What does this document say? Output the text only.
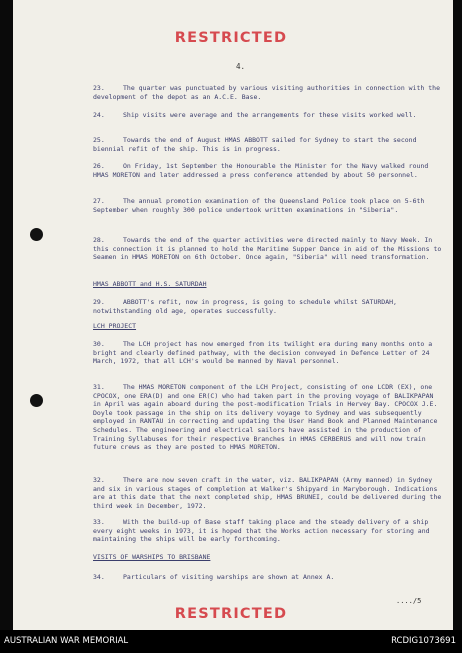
RESTRICTED
4.
23.	The quarter was punctuated by various visiting authorities in connection with the development of the depot as an A.C.E. Base.
24.	Ship visits were average and the arrangements for these visits worked well.
25.	Towards the end of August HMAS ABBOTT sailed for Sydney to start the second biennial refit of the ship. This is in progress.
26.	On Friday, 1st September the Honourable the Minister for the Navy walked round HMAS MORETON and later addressed a press conference attended by about 50 personnel.
27.	The annual promotion examination of the Queensland Police took place on 5-6th September when roughly 300 police undertook written examinations in "Siberia".
28.	Towards the end of the quarter activities were directed mainly to Navy Week. In this connection it is planned to hold the Maritime Supper Dance in aid of the Missions to Seamen in HMAS MORETON on 6th October. Once again, "Siberia" will need transformation.
HMAS ABBOTT and H.S. SATURDAH
29.	ABBOTT's refit, now in progress, is going to schedule whilst SATURDAH, notwithstanding old age, operates successfully.
LCH PROJECT
30.	The LCH project has now emerged from its twilight era during many months onto a bright and clearly defined pathway, with the decision conveyed in Defence Letter of 24 March, 1972, that all LCH's would be manned by Naval personnel.
31.	The HMAS MORETON component of the LCH Project, consisting of one LCDR (EX), one CPOCOX, one ERA(D) and one ER(C) who had taken part in the proving voyage of BALIKPAPAN in April was again aboard during the post-modification Trials in Hervey Bay. CPOCOX J.E. Doyle took passage in the ship on its delivery voyage to Sydney and was subsequently employed in RANTAU in correcting and updating the User Hand Book and Planned Maintenance Schedules. The engineering and electrical sailors have assisted in the production of Training Syllabuses for their respective Branches in HMAS CERBERUS and will now train future crews as they are posted to HMAS MORETON.
32.	There are now seven craft in the water, viz. BALIKPAPAN (Army manned) in Sydney and six in various stages of completion at Walker's Shipyard in Maryborough. Indications are at this date that the next completed ship, HMAS BRUNEI, could be delivered during the third week in December, 1972.
33.	With the build-up of Base staff taking place and the steady delivery of a ship every eight weeks in 1973, it is hoped that the Works action necessary for storing and maintaining the ships will be early forthcoming.
VISITS OF WARSHIPS TO BRISBANE
34.	Particulars of visiting warships are shown at Annex A.
..../5
RESTRICTED
AUSTRALIAN WAR MEMORIAL	RCDIG1073691
